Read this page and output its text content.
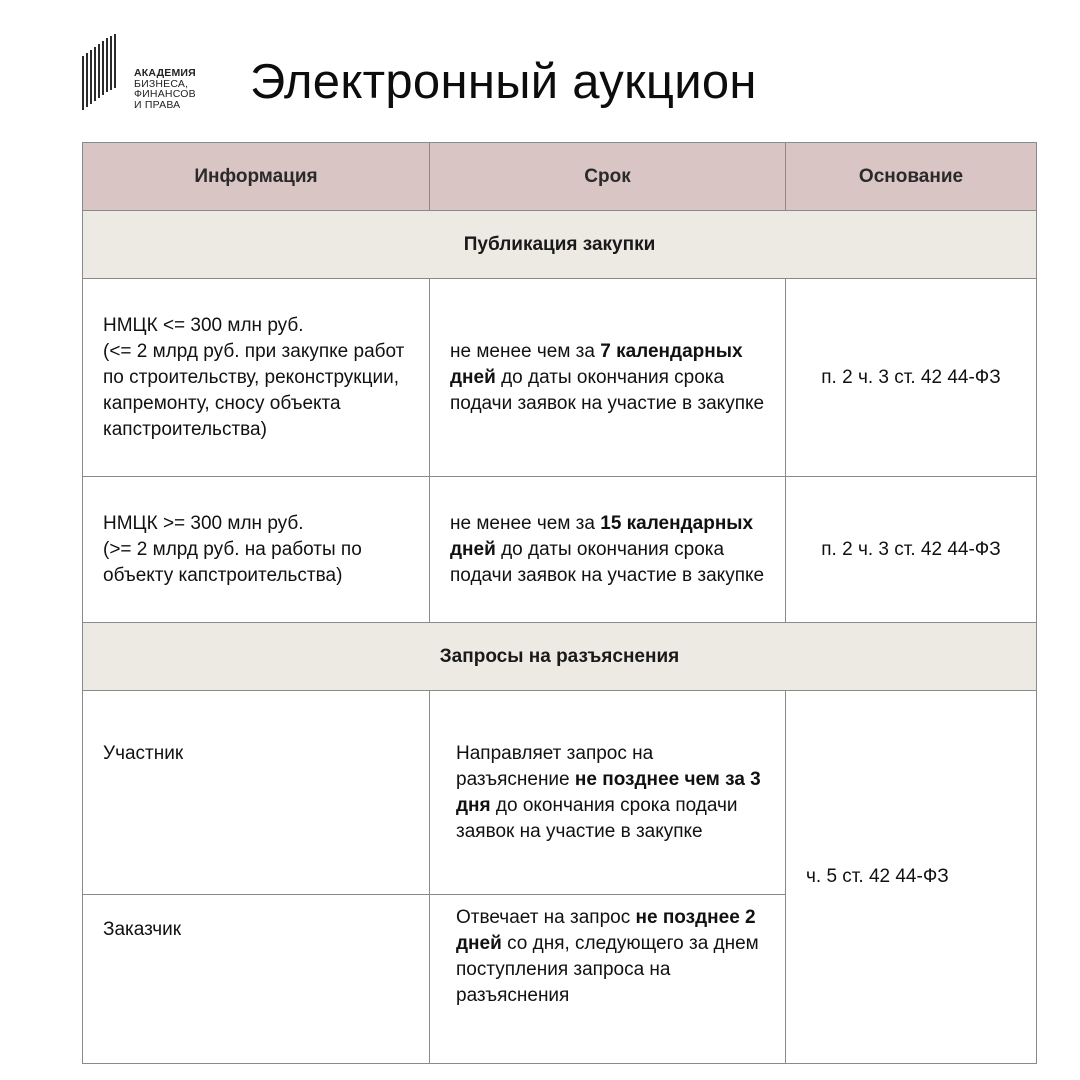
АКАДЕМИЯ
БИЗНЕСА,
ФИНАНСОВ
И ПРАВА	Электронный аукцион
Информация	Срок	Основание
Публикация закупки		

НМЦК <= 300 млн руб.
(<= 2 млрд руб. при закупке работ по строительству, реконструкции, капремонту, сносу объекта капстроительства)	не менее чем за 7 календарных дней до даты окончания срока подачи заявок на участие в закупке	п. 2 ч. 3 ст. 42 44-ФЗ

НМЦК >= 300 млн руб.
(>= 2 млрд руб. на работы по объекту капстроительства)	не менее чем за 15 календарных дней до даты окончания срока подачи заявок на участие в закупке	п. 2 ч. 3 ст. 42 44-ФЗ
Запросы на разъяснения		
Участник	Направляет запрос на разъяснение не позднее чем за 3 дня до окончания срока подачи заявок на участие в закупке	ч. 5 ст. 42 44-ФЗ
Заказчик	Отвечает на запрос не позднее 2 дней со дня, следующего за днем поступления запроса на разъяснения	
